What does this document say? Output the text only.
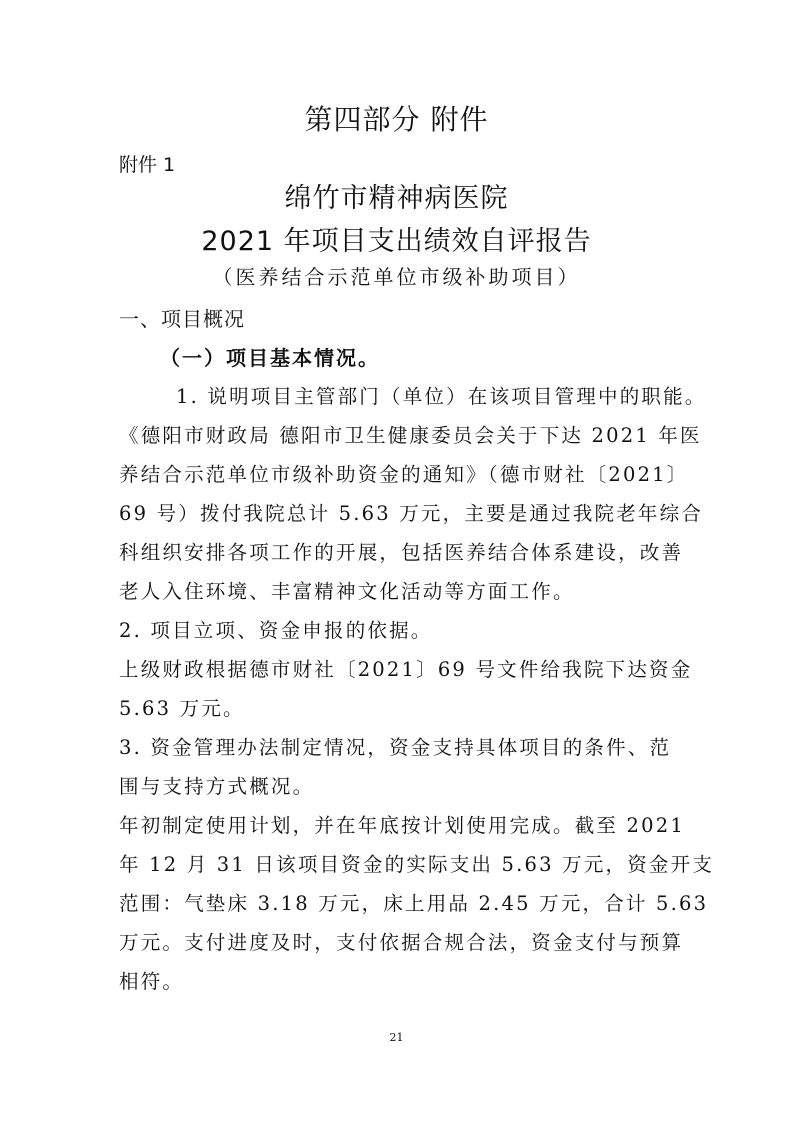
第四部分 附件

附件 1

绵竹市精神病医院

2021 年项目支出绩效自评报告

（医养结合示范单位市级补助项目）

一、项目概况

（一）项目基本情况。

1. 说明项目主管部门（单位）在该项目管理中的职能。

《德阳市财政局 德阳市卫生健康委员会关于下达 2021 年医

养结合示范单位市级补助资金的通知》（德市财社〔2021〕

69 号）拨付我院总计 5.63 万元，主要是通过我院老年综合

科组织安排各项工作的开展，包括医养结合体系建设，改善

老人入住环境、丰富精神文化活动等方面工作。

2. 项目立项、资金申报的依据。

上级财政根据德市财社〔2021〕69 号文件给我院下达资金

5.63 万元。

3. 资金管理办法制定情况，资金支持具体项目的条件、范

围与支持方式概况。

年初制定使用计划，并在年底按计划使用完成。截至 2021

年 12 月 31 日该项目资金的实际支出 5.63 万元，资金开支

范围：气垫床 3.18 万元，床上用品 2.45 万元，合计 5.63

万元。支付进度及时，支付依据合规合法，资金支付与预算

相符。

21
